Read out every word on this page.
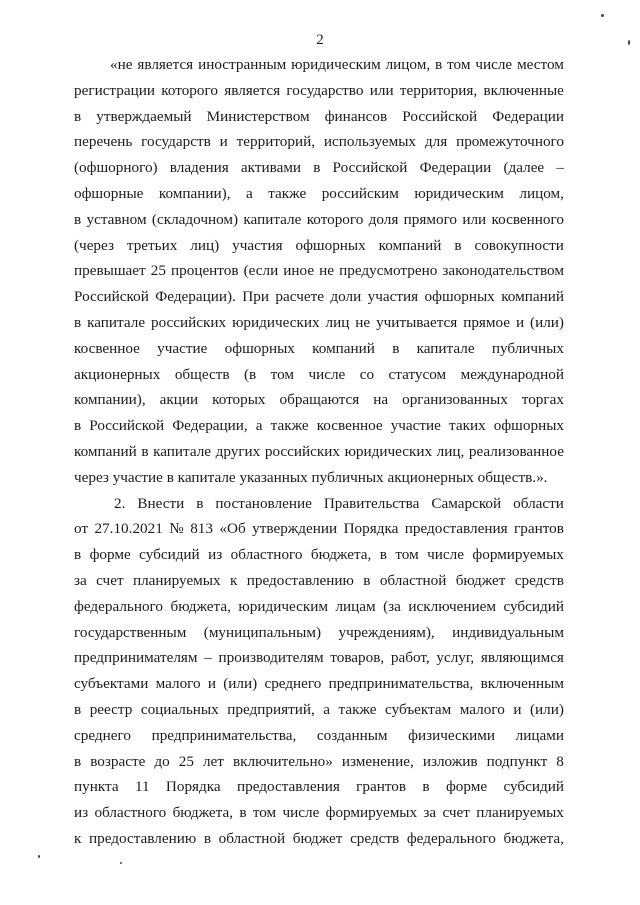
2
«не является иностранным юридическим лицом, в том числе местом
регистрации которого является государство или территория, включенные
в утверждаемый Министерством финансов Российской Федерации
перечень государств и территорий, используемых для промежуточного
(офшорного) владения активами в Российской Федерации (далее –
офшорные компании), а также российским юридическим лицом,
в уставном (складочном) капитале которого доля прямого или косвенного
(через третьих лиц) участия офшорных компаний в совокупности
превышает 25 процентов (если иное не предусмотрено законодательством
Российской Федерации). При расчете доли участия офшорных компаний
в капитале российских юридических лиц не учитывается прямое и (или)
косвенное участие офшорных компаний в капитале публичных
акционерных обществ (в том числе со статусом международной
компании), акции которых обращаются на организованных торгах
в Российской Федерации, а также косвенное участие таких офшорных
компаний в капитале других российских юридических лиц, реализованное
через участие в капитале указанных публичных акционерных обществ.».
2. Внести в постановление Правительства Самарской области
от 27.10.2021 № 813 «Об утверждении Порядка предоставления грантов
в форме субсидий из областного бюджета, в том числе формируемых
за счет планируемых к предоставлению в областной бюджет средств
федерального бюджета, юридическим лицам (за исключением субсидий
государственным (муниципальным) учреждениям), индивидуальным
предпринимателям – производителям товаров, работ, услуг, являющимся
субъектами малого и (или) среднего предпринимательства, включенным
в реестр социальных предприятий, а также субъектам малого и (или)
среднего предпринимательства, созданным физическими лицами
в возрасте до 25 лет включительно» изменение, изложив подпункт 8
пункта 11 Порядка предоставления грантов в форме субсидий
из областного бюджета, в том числе формируемых за счет планируемых
к предоставлению в областной бюджет средств федерального бюджета,
